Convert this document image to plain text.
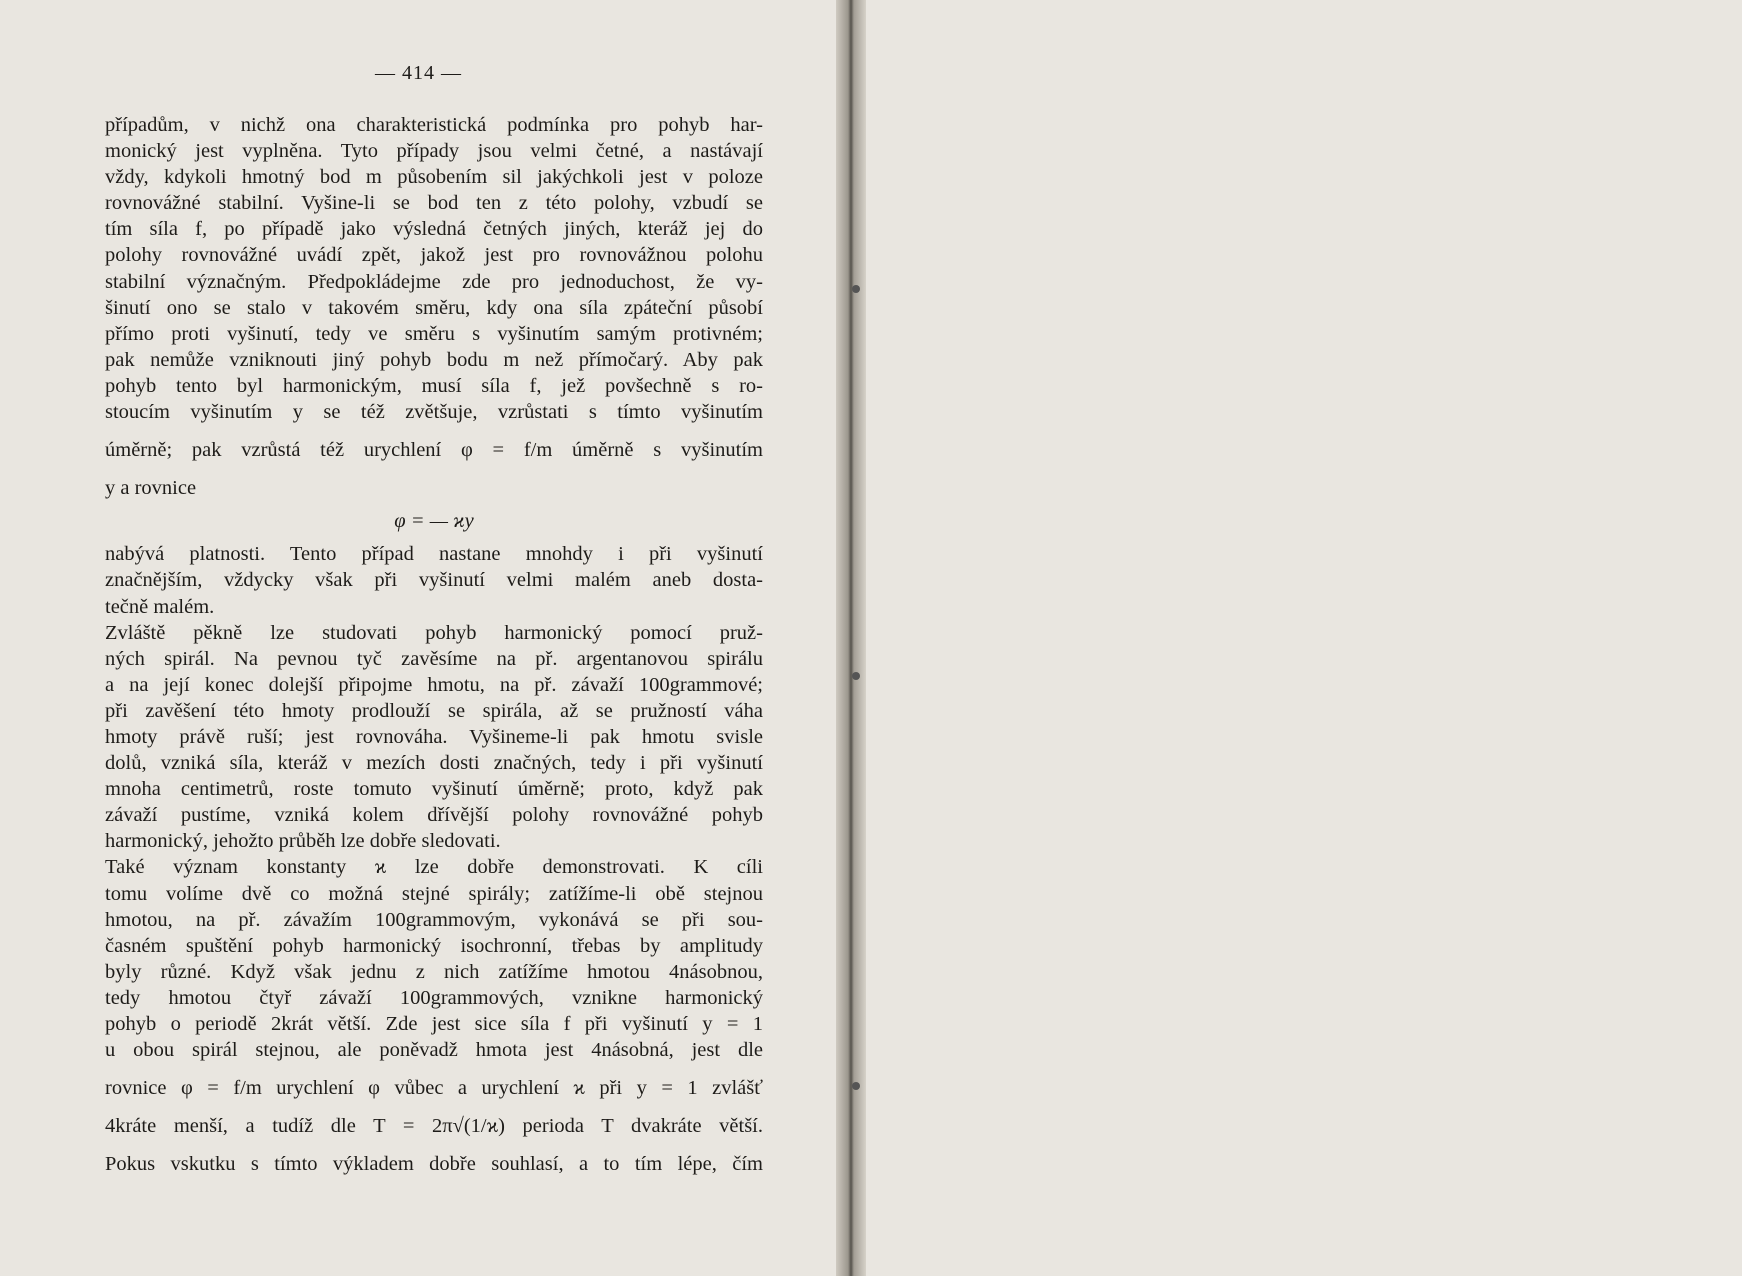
— 414 —
případům, v nichž ona charakteristická podmínka pro pohyb har-
monický jest vyplněna. Tyto případy jsou velmi četné, a nastávají
vždy, kdykoli hmotný bod m působením sil jakýchkoli jest v poloze
rovnovážné stabilní. Vyšine-li se bod ten z této polohy, vzbudí se
tím síla f, po případě jako výsledná četných jiných, kteráž jej do
polohy rovnovážné uvádí zpět, jakož jest pro rovnovážnou polohu
stabilní význačným. Předpokládejme zde pro jednoduchost, že vy-
šinutí ono se stalo v takovém směru, kdy ona síla zpáteční působí
přímo proti vyšinutí, tedy ve směru s vyšinutím samým protivném;
pak nemůže vzniknouti jiný pohyb bodu m než přímočarý. Aby pak
pohyb tento byl harmonickým, musí síla f, jež povšechně s ro-
stoucím vyšinutím y se též zvětšuje, vzrůstati s tímto vyšinutím
úměrně; pak vzrůstá též urychlení φ = f/m úměrně s vyšinutím
y a rovnice
φ = — ϰy
nabývá platnosti. Tento případ nastane mnohdy i při vyšinutí
značnějším, vždycky však při vyšinutí velmi malém aneb dosta-
tečně malém.
Zvláště pěkně lze studovati pohyb harmonický pomocí pruž-
ných spirál. Na pevnou tyč zavěsíme na př. argentanovou spirálu
a na její konec dolejší připojme hmotu, na př. závaží 100grammové;
při zavěšení této hmoty prodlouží se spirála, až se pružností váha
hmoty právě ruší; jest rovnováha. Vyšineme-li pak hmotu svisle
dolů, vzniká síla, kteráž v mezích dosti značných, tedy i při vyšinutí
mnoha centimetrů, roste tomuto vyšinutí úměrně; proto, když pak
závaží pustíme, vzniká kolem dřívější polohy rovnovážné pohyb
harmonický, jehožto průběh lze dobře sledovati.
Také význam konstanty ϰ lze dobře demonstrovati. K cíli
tomu volíme dvě co možná stejné spirály; zatížíme-li obě stejnou
hmotou, na př. závažím 100grammovým, vykonává se při sou-
časném spuštění pohyb harmonický isochronní, třebas by amplitudy
byly různé. Když však jednu z nich zatížíme hmotou 4násobnou,
tedy hmotou čtyř závaží 100grammových, vznikne harmonický
pohyb o periodě 2krát větší. Zde jest sice síla f při vyšinutí y = 1
u obou spirál stejnou, ale poněvadž hmota jest 4násobná, jest dle
rovnice φ = f/m urychlení φ vůbec a urychlení ϰ při y = 1 zvlášť
4kráte menší, a tudíž dle T = 2π√(1/ϰ) perioda T dvakráte větší.
Pokus vskutku s tímto výkladem dobře souhlasí, a to tím lépe, čím
